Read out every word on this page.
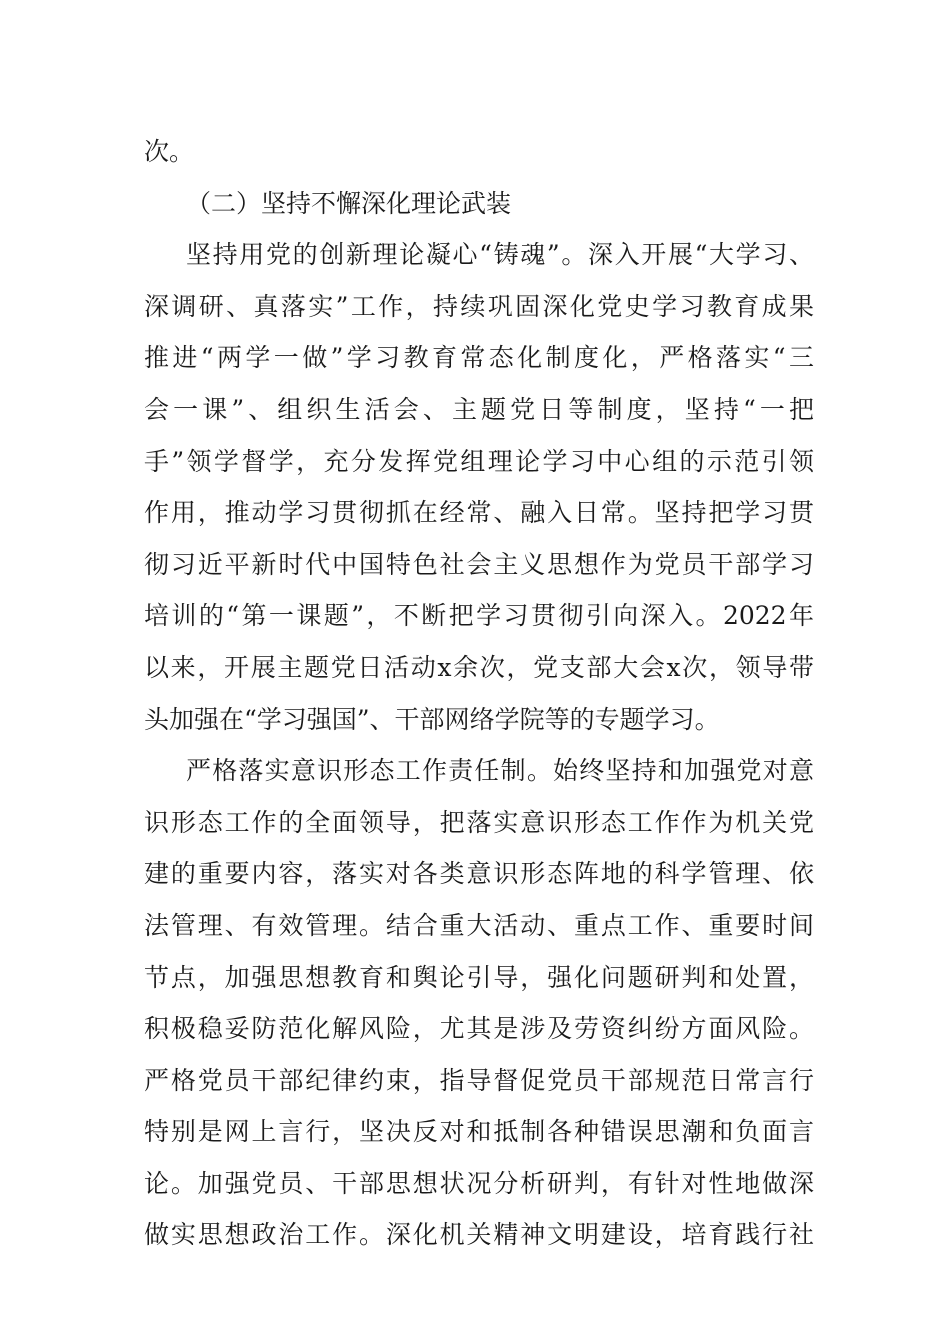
次。
（二）坚持不懈深化理论武装
坚持用党的创新理论凝心“铸魂”。深入开展“大学习、
深调研、真落实”工作，持续巩固深化党史学习教育成果
推进“两学一做”学习教育常态化制度化，严格落实“三
会一课”、组织生活会、主题党日等制度，坚持“一把
手”领学督学，充分发挥党组理论学习中心组的示范引领
作用，推动学习贯彻抓在经常、融入日常。坚持把学习贯
彻习近平新时代中国特色社会主义思想作为党员干部学习
培训的“第一课题”，不断把学习贯彻引向深入。2022年
以来，开展主题党日活动x余次，党支部大会x次，领导带
头加强在“学习强国”、干部网络学院等的专题学习。
严格落实意识形态工作责任制。始终坚持和加强党对意
识形态工作的全面领导，把落实意识形态工作作为机关党
建的重要内容，落实对各类意识形态阵地的科学管理、依
法管理、有效管理。结合重大活动、重点工作、重要时间
节点，加强思想教育和舆论引导，强化问题研判和处置，
积极稳妥防范化解风险，尤其是涉及劳资纠纷方面风险。
严格党员干部纪律约束，指导督促党员干部规范日常言行
特别是网上言行，坚决反对和抵制各种错误思潮和负面言
论。加强党员、干部思想状况分析研判，有针对性地做深
做实思想政治工作。深化机关精神文明建设，培育践行社
